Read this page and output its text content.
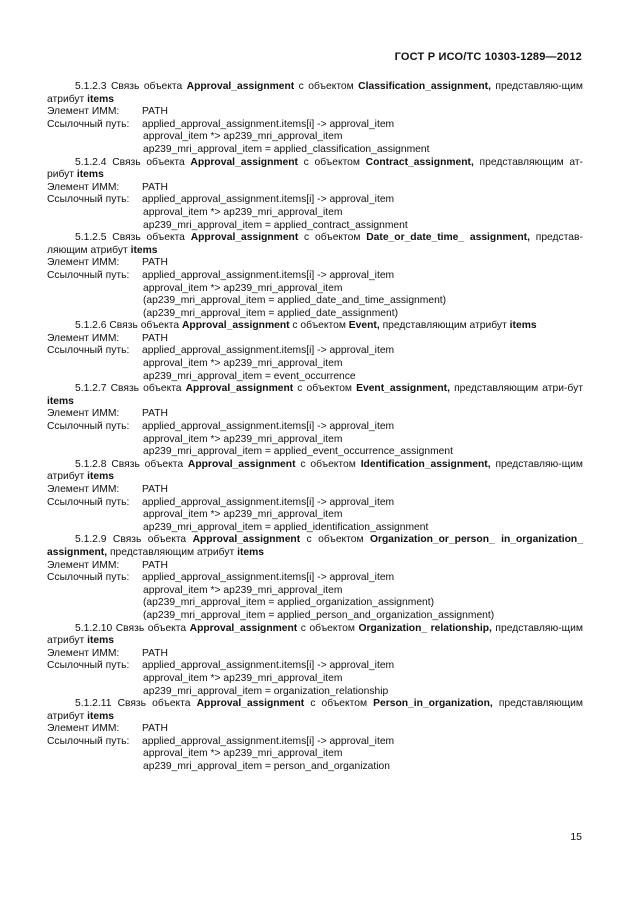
ГОСТ Р ИСО/ТС 10303-1289—2012
5.1.2.3 Связь объекта Approval_assignment с объектом Classification_assignment, представляю-щим атрибут items
Элемент ИММ:	PATH
Ссылочный путь:	applied_approval_assignment.items[i] -> approval_item
approval_item *> ap239_mri_approval_item
ap239_mri_approval_item = applied_classification_assignment
5.1.2.4 Связь объекта Approval_assignment с объектом Contract_assignment, представляющим ат-рибут items
Элемент ИММ:	PATH
Ссылочный путь:	applied_approval_assignment.items[i] -> approval_item
approval_item *> ap239_mri_approval_item
ap239_mri_approval_item = applied_contract_assignment
5.1.2.5 Связь объекта Approval_assignment с объектом Date_or_date_time_ assignment, представ-ляющим атрибут items
Элемент ИММ:	PATH
Ссылочный путь:	applied_approval_assignment.items[i] -> approval_item
approval_item *> ap239_mri_approval_item
(ap239_mri_approval_item = applied_date_and_time_assignment)
(ap239_mri_approval_item = applied_date_assignment)
5.1.2.6 Связь объекта Approval_assignment с объектом Event, представляющим атрибут items
Элемент ИММ:	PATH
Ссылочный путь:	applied_approval_assignment.items[i] -> approval_item
approval_item *> ap239_mri_approval_item
ap239_mri_approval_item = event_occurrence
5.1.2.7 Связь объекта Approval_assignment с объектом Event_assignment, представляющим атри-бут items
Элемент ИММ:	PATH
Ссылочный путь:	applied_approval_assignment.items[i] -> approval_item
approval_item *> ap239_mri_approval_item
ap239_mri_approval_item = applied_event_occurrence_assignment
5.1.2.8 Связь объекта Approval_assignment с объектом Identification_assignment, представляю-щим атрибут items
Элемент ИММ:	PATH
Ссылочный путь:	applied_approval_assignment.items[i] -> approval_item
approval_item *> ap239_mri_approval_item
ap239_mri_approval_item = applied_identification_assignment
5.1.2.9 Связь объекта Approval_assignment с объектом Organization_or_person_ in_organization_ assignment, представляющим атрибут items
Элемент ИММ:	PATH
Ссылочный путь:	applied_approval_assignment.items[i] -> approval_item
approval_item *> ap239_mri_approval_item
(ap239_mri_approval_item = applied_organization_assignment)
(ap239_mri_approval_item = applied_person_and_organization_assignment)
5.1.2.10 Связь объекта Approval_assignment с объектом Organization_ relationship, представляю-щим атрибут items
Элемент ИММ:	PATH
Ссылочный путь:	applied_approval_assignment.items[i] -> approval_item
approval_item *> ap239_mri_approval_item
ap239_mri_approval_item = organization_relationship
5.1.2.11 Связь объекта Approval_assignment с объектом Person_in_organization, представляющим атрибут items
Элемент ИММ:	PATH
Ссылочный путь:	applied_approval_assignment.items[i] -> approval_item
approval_item *> ap239_mri_approval_item
ap239_mri_approval_item = person_and_organization
15
